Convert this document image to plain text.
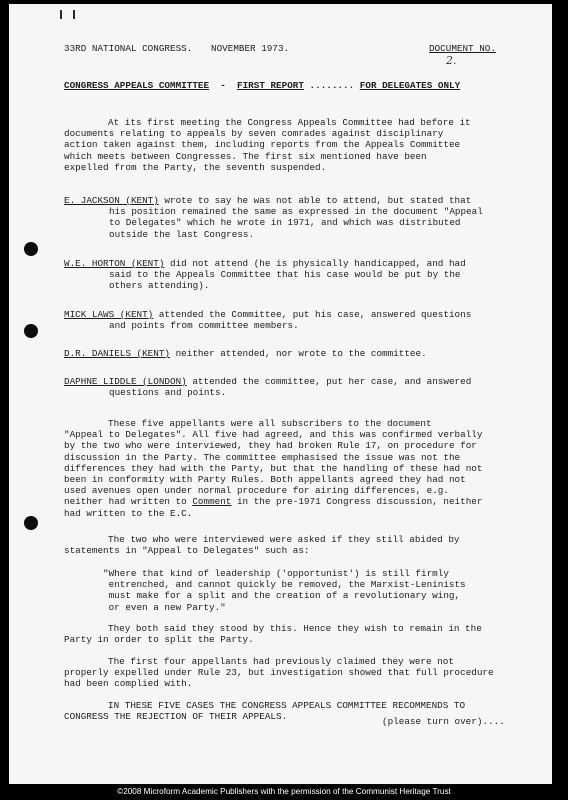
33RD NATIONAL CONGRESS. NOVEMBER 1973.	DOCUMENT NO.
2.
CONGRESS APPEALS COMMITTEE - FIRST REPORT ........ FOR DELEGATES ONLY
At its first meeting the Congress Appeals Committee had before it
documents relating to appeals by seven comrades against disciplinary
action taken against them, including reports from the Appeals Committee
which meets between Congresses. The first six mentioned have been
expelled from the Party, the seventh suspended.
E. JACKSON (KENT) wrote to say he was not able to attend, but stated that
his position remained the same as expressed in the document "Appeal
to Delegates" which he wrote in 1971, and which was distributed
outside the last Congress.
W.E. HORTON (KENT) did not attend (he is physically handicapped, and had
said to the Appeals Committee that his case would be put by the
others attending).
MICK LAWS (KENT) attended the Committee, put his case, answered questions
and points from committee members.
D.R. DANIELS (KENT) neither attended, nor wrote to the committee.
DAPHNE LIDDLE (LONDON) attended the committee, put her case, and answered
questions and points.
These five appellants were all subscribers to the document
"Appeal to Delegates". All five had agreed, and this was confirmed verbally
by the two who were interviewed, they had broken Rule 17, on procedure for
discussion in the Party. The committee emphasised the issue was not the
differences they had with the Party, but that the handling of these had not
been in conformity with Party Rules. Both appellants agreed they had not
used avenues open under normal procedure for airing differences, e.g.
neither had written to Comment in the pre-1971 Congress discussion, neither
had written to the E.C.
The two who were interviewed were asked if they still abided by
statements in "Appeal to Delegates" such as:
"Where that kind of leadership ('opportunist') is still firmly
entrenched, and cannot quickly be removed, the Marxist-Leninists
must make for a split and the creation of a revolutionary wing,
or even a new Party."
They both said they stood by this. Hence they wish to remain in the
Party in order to split the Party.
The first four appellants had previously claimed they were not
properly expelled under Rule 23, but investigation showed that full procedure
had been complied with.
IN THESE FIVE CASES THE CONGRESS APPEALS COMMITTEE RECOMMENDS TO
CONGRESS THE REJECTION OF THEIR APPEALS.	(please turn over)....
©2008 Microform Academic Publishers with the permission of the Communist Heritage Trust
